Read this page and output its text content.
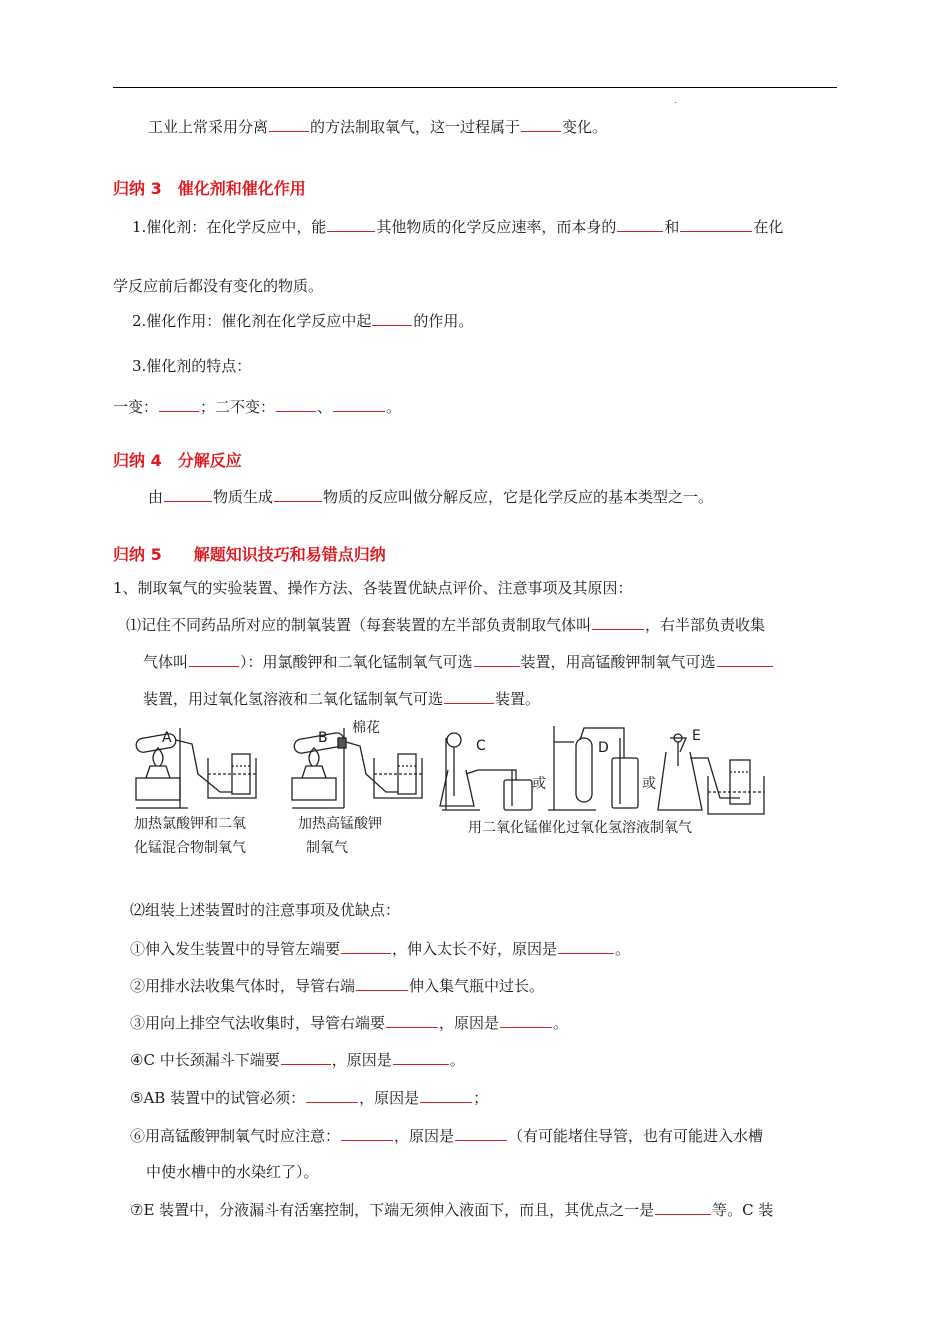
.
工业上常采用分离	的方法制取氧气，这一过程属于	变化。
归纳 3　催化剂和催化作用
1.催化剂：在化学反应中，能	其他物质的化学反应速率，而本身的	和	在化
学反应前后都没有变化的物质。
2.催化作用：催化剂在化学反应中起	的作用。
3.催化剂的特点：
一变：	；二不变：	、	。
归纳 4　分解反应
由	物质生成	物质的反应叫做分解反应，它是化学反应的基本类型之一。
归纳 5　　解题知识技巧和易错点归纳
1、制取氧气的实验装置、操作方法、各装置优缺点评价、注意事项及其原因：
⑴记住不同药品所对应的制氧装置（每套装置的左半部负责制取气体叫	，右半部负责收集
气体叫	）：用氯酸钾和二氧化锰制氧气可选	装置，用高锰酸钾制氧气可选
装置，用过氧化氢溶液和二氧化锰制氧气可选	装置。
A	B
棉花
C
或
D
或
E
加热氯酸钾和二氧
化锰混合物制氧气
加热高锰酸钾
制氧气
用二氧化锰催化过氧化氢溶液制氧气
⑵组装上述装置时的注意事项及优缺点：
①伸入发生装置中的导管左端要	，伸入太长不好，原因是	。
②用排水法收集气体时，导管右端	伸入集气瓶中过长。
③用向上排空气法收集时，导管右端要	，原因是	。
④C 中长颈漏斗下端要	，原因是	。
⑤AB 装置中的试管必须：	，原因是	；
⑥用高锰酸钾制氧气时应注意：	，原因是	（有可能堵住导管，也有可能进入水槽
中使水槽中的水染红了）。
⑦E 装置中，分液漏斗有活塞控制，下端无须伸入液面下，而且，其优点之一是	等。C 装
